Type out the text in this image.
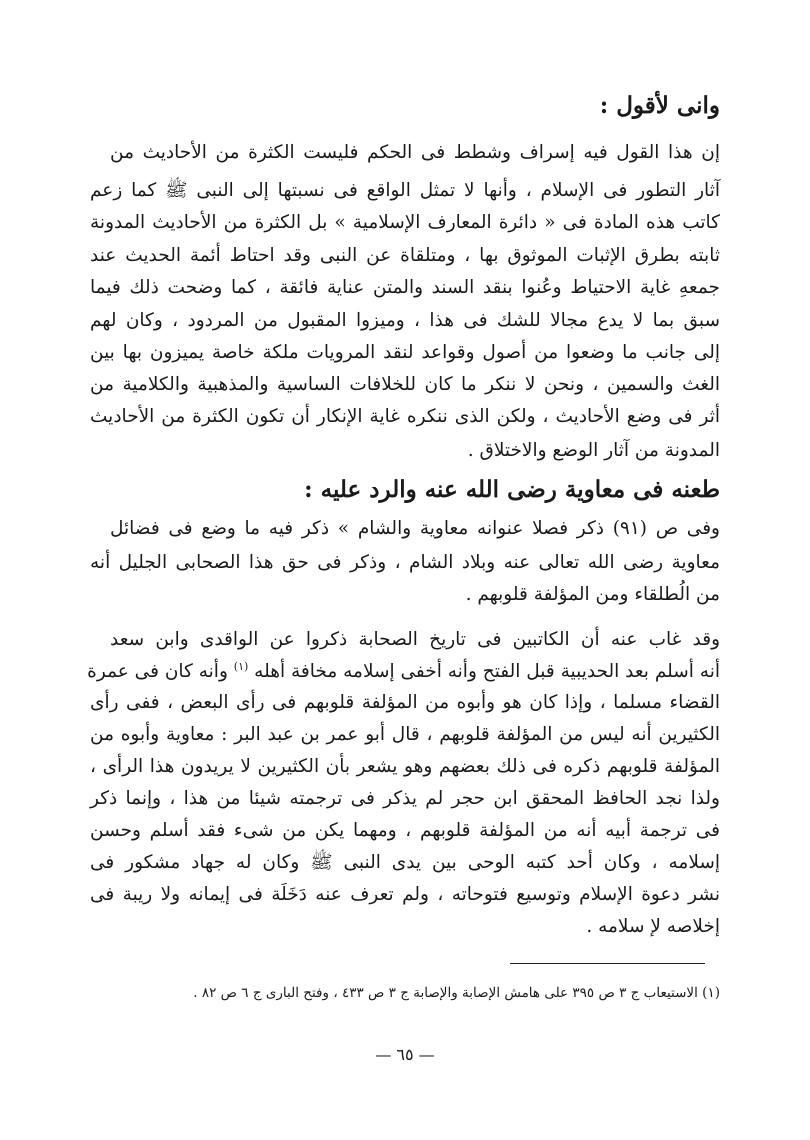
وانى لأقول :
إن هذا القول فيه إسراف وشطط فى الحكم فليست الكثرة من الأحاديث من
آثار التطور فى الإسلام ، وأنها لا تمثل الواقع فى نسبتها إلى النبى ﷺ كما زعم
كاتب هذه المادة فى « دائرة المعارف الإسلامية » بل الكثرة من الأحاديث المدونة
ثابته بطرق الإثبات الموثوق بها ، ومتلقاة عن النبى وقد احتاط أئمة الحديث عند
جمعهِ غاية الاحتياط وعُنوا بنقد السند والمتن عناية فائقة ، كما وضحت ذلك فيما
سبق بما لا يدع مجالا للشك فى هذا ، وميزوا المقبول من المردود ، وكان لهم
إلى جانب ما وضعوا من أصول وقواعد لنقد المرويات ملكة خاصة يميزون بها بين
الغث والسمين ، ونحن لا ننكر ما كان للخلافات الساسية والمذهبية والكلامية من
أثر فى وضع الأحاديث ، ولكن الذى ننكره غاية الإنكار أن تكون الكثرة من الأحاديث
المدونة من آثار الوضع والاختلاق .
طعنه فى معاوية رضى الله عنه والرد عليه :
وفى ص (٩١) ذكر فصلا عنوانه معاوية والشام » ذكر فيه ما وضع فى فضائل
معاوية رضى الله تعالى عنه وبلاد الشام ، وذكر فى حق هذا الصحابى الجليل أنه
من الُطلقاء ومن المؤلفة قلوبهم .
وقد غاب عنه أن الكاتبين فى تاريخ الصحابة ذكروا عن الواقدى وابن سعد
أنه أسلم بعد الحديبية قبل الفتح وأنه أخفى إسلامه مخافة أهله $^{(١)}$ وأنه كان فى عمرة
القضاء مسلما ، وإذا كان هو وأبوه من المؤلفة قلوبهم فى رأى البعض ، ففى رأى
الكثيرين أنه ليس من المؤلفة قلوبهم ، قال أبو عمر بن عبد البر : معاوية وأبوه من
المؤلفة قلوبهم ذكره فى ذلك بعضهم وهو يشعر بأن الكثيرين لا يريدون هذا الرأى ،
ولذا نجد الحافظ المحقق ابن حجر لم يذكر فى ترجمته شيئا من هذا ، وإنما ذكر
فى ترجمة أبيه أنه من المؤلفة قلوبهم ، ومهما يكن من شىء فقد أسلم وحسن
إسلامه ، وكان أحد كتبه الوحى بين يدى النبى ﷺ وكان له جهاد مشكور فى
نشر دعوة الإسلام وتوسيع فتوحاته ، ولم تعرف عنه دَخَلَة فى إيمانه ولا ريبة فى
إخلاصه لإ سلامه .
(١) الاستيعاب ج ٣ ص ٣٩٥ على هامش الإصابة والإصابة ج ٣ ص ٤٣٣ ، وفتح البارى ج ٦ ص ٨٢ .
— ٦٥ —
